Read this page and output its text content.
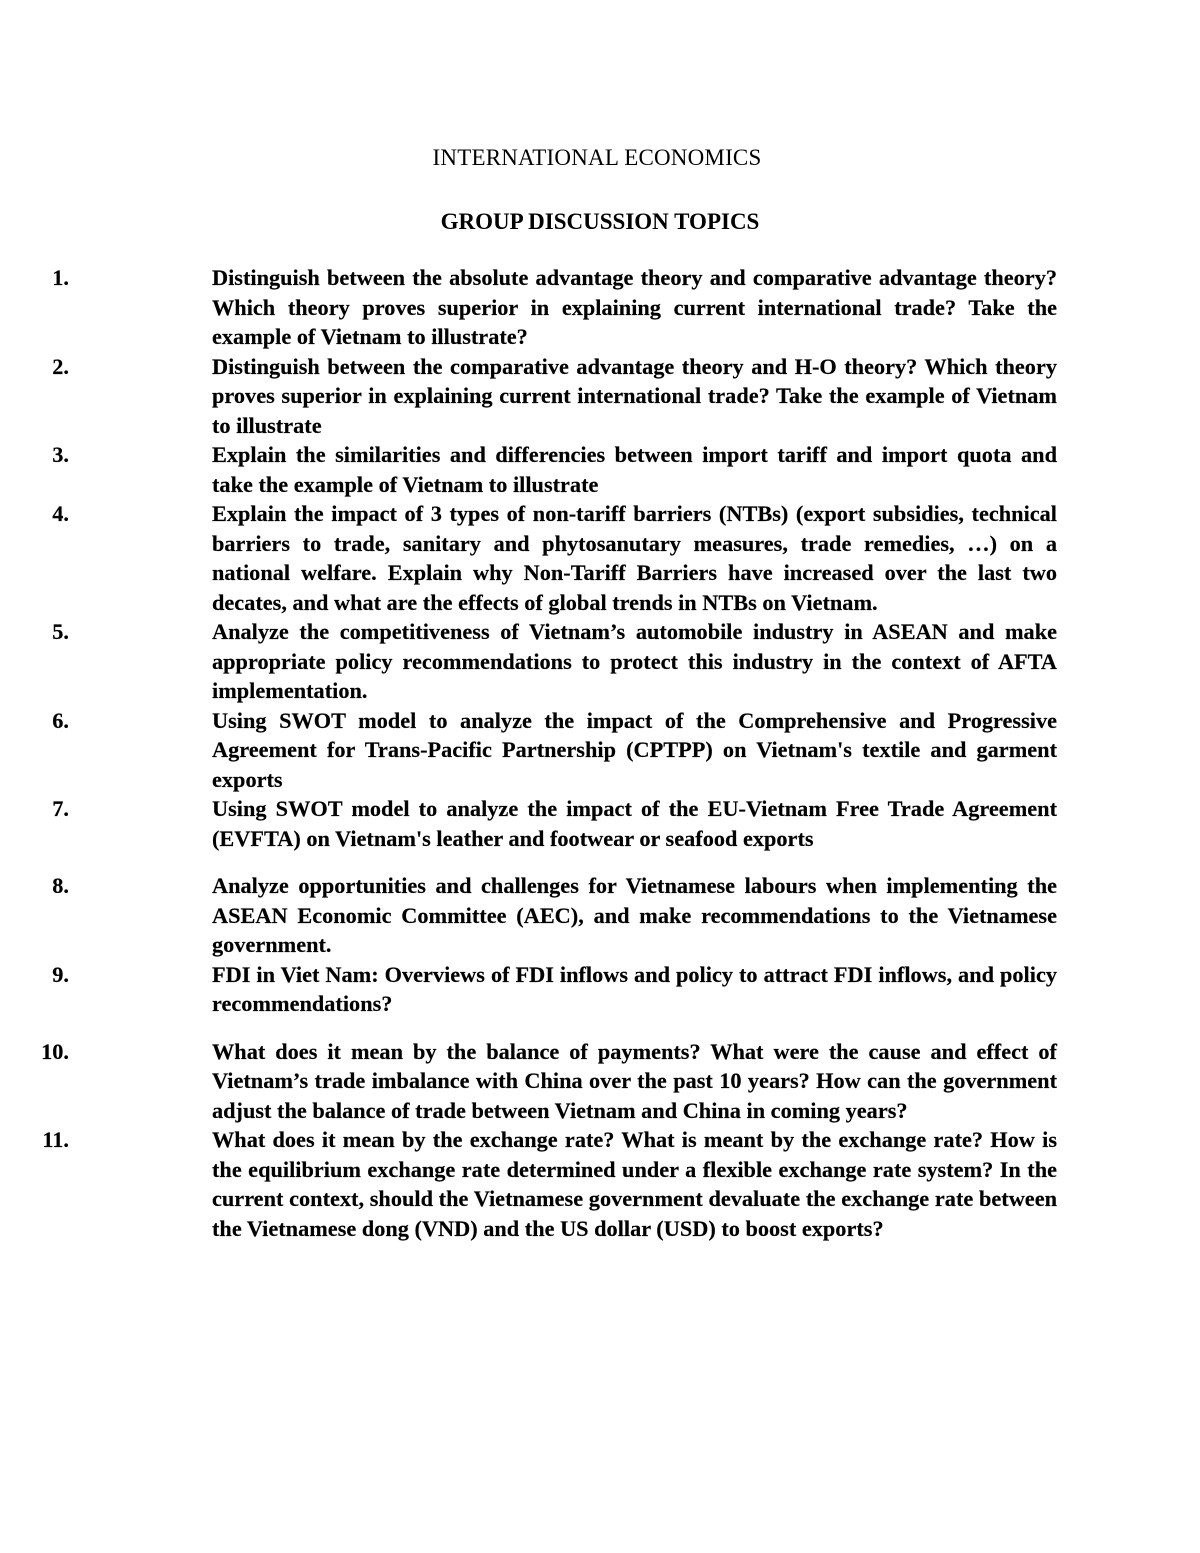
INTERNATIONAL ECONOMICS
GROUP DISCUSSION TOPICS
1.	Distinguish between the absolute advantage theory and comparative advantage theory? Which theory proves superior in explaining current international trade? Take the example of Vietnam to illustrate?
2.	Distinguish between the comparative advantage theory and H-O theory? Which theory proves superior in explaining current international trade? Take the example of Vietnam to illustrate
3.	Explain the similarities and differencies between import tariff and import quota and take the example of Vietnam to illustrate
4.	Explain the impact of 3 types of non-tariff barriers (NTBs) (export subsidies, technical barriers to trade, sanitary and phytosanutary measures, trade remedies, …) on a national welfare. Explain why Non-Tariff Barriers have increased over the last two decates, and what are the effects of global trends in NTBs on Vietnam.
5.	Analyze the competitiveness of Vietnam’s automobile industry in ASEAN and make appropriate policy recommendations to protect this industry in the context of AFTA implementation.
6.	Using SWOT model to analyze the impact of the Comprehensive and Progressive Agreement for Trans-Pacific Partnership (CPTPP) on Vietnam's textile and garment exports
7.	Using SWOT model to analyze the impact of the EU-Vietnam Free Trade Agreement (EVFTA) on Vietnam's leather and footwear or seafood exports
8.	Analyze opportunities and challenges for Vietnamese labours when implementing the ASEAN Economic Committee (AEC), and make recommendations to the Vietnamese government.
9.	FDI in Viet Nam: Overviews of FDI inflows and policy to attract FDI inflows, and policy recommendations?
10.	What does it mean by the balance of payments? What were the cause and effect of Vietnam’s trade imbalance with China over the past 10 years? How can the government adjust the balance of trade between Vietnam and China in coming years?
11.	What does it mean by the exchange rate? What is meant by the exchange rate? How is the equilibrium exchange rate determined under a flexible exchange rate system? In the current context, should the Vietnamese government devaluate the exchange rate between the Vietnamese dong (VND) and the US dollar (USD) to boost exports?
